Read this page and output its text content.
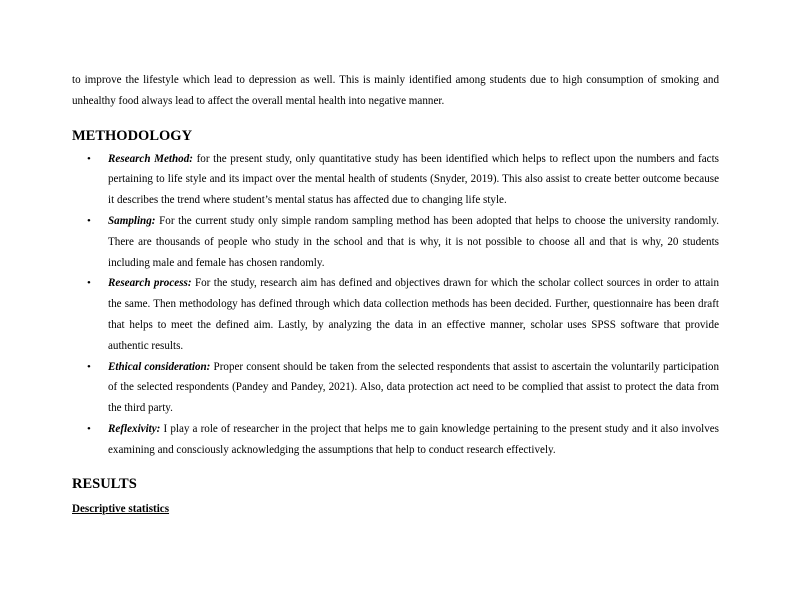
to improve the lifestyle which lead to depression as well. This is mainly identified among students due to high consumption of smoking and unhealthy food always lead to affect the overall mental health into negative manner.

METHODOLOGY
• Research Method: for the present study, only quantitative study has been identified which helps to reflect upon the numbers and facts pertaining to life style and its impact over the mental health of students (Snyder, 2019). This also assist to create better outcome because it describes the trend where student’s mental status has affected due to changing life style.
• Sampling: For the current study only simple random sampling method has been adopted that helps to choose the university randomly. There are thousands of people who study in the school and that is why, it is not possible to choose all and that is why, 20 students including male and female has chosen randomly.
• Research process: For the study, research aim has defined and objectives drawn for which the scholar collect sources in order to attain the same. Then methodology has defined through which data collection methods has been decided. Further, questionnaire has been draft that helps to meet the defined aim. Lastly, by analyzing the data in an effective manner, scholar uses SPSS software that provide authentic results.
• Ethical consideration: Proper consent should be taken from the selected respondents that assist to ascertain the voluntarily participation of the selected respondents (Pandey and Pandey, 2021). Also, data protection act need to be complied that assist to protect the data from the third party.
• Reflexivity: I play a role of researcher in the project that helps me to gain knowledge pertaining to the present study and it also involves examining and consciously acknowledging the assumptions that help to conduct research effectively.
RESULTS

Descriptive statistics
